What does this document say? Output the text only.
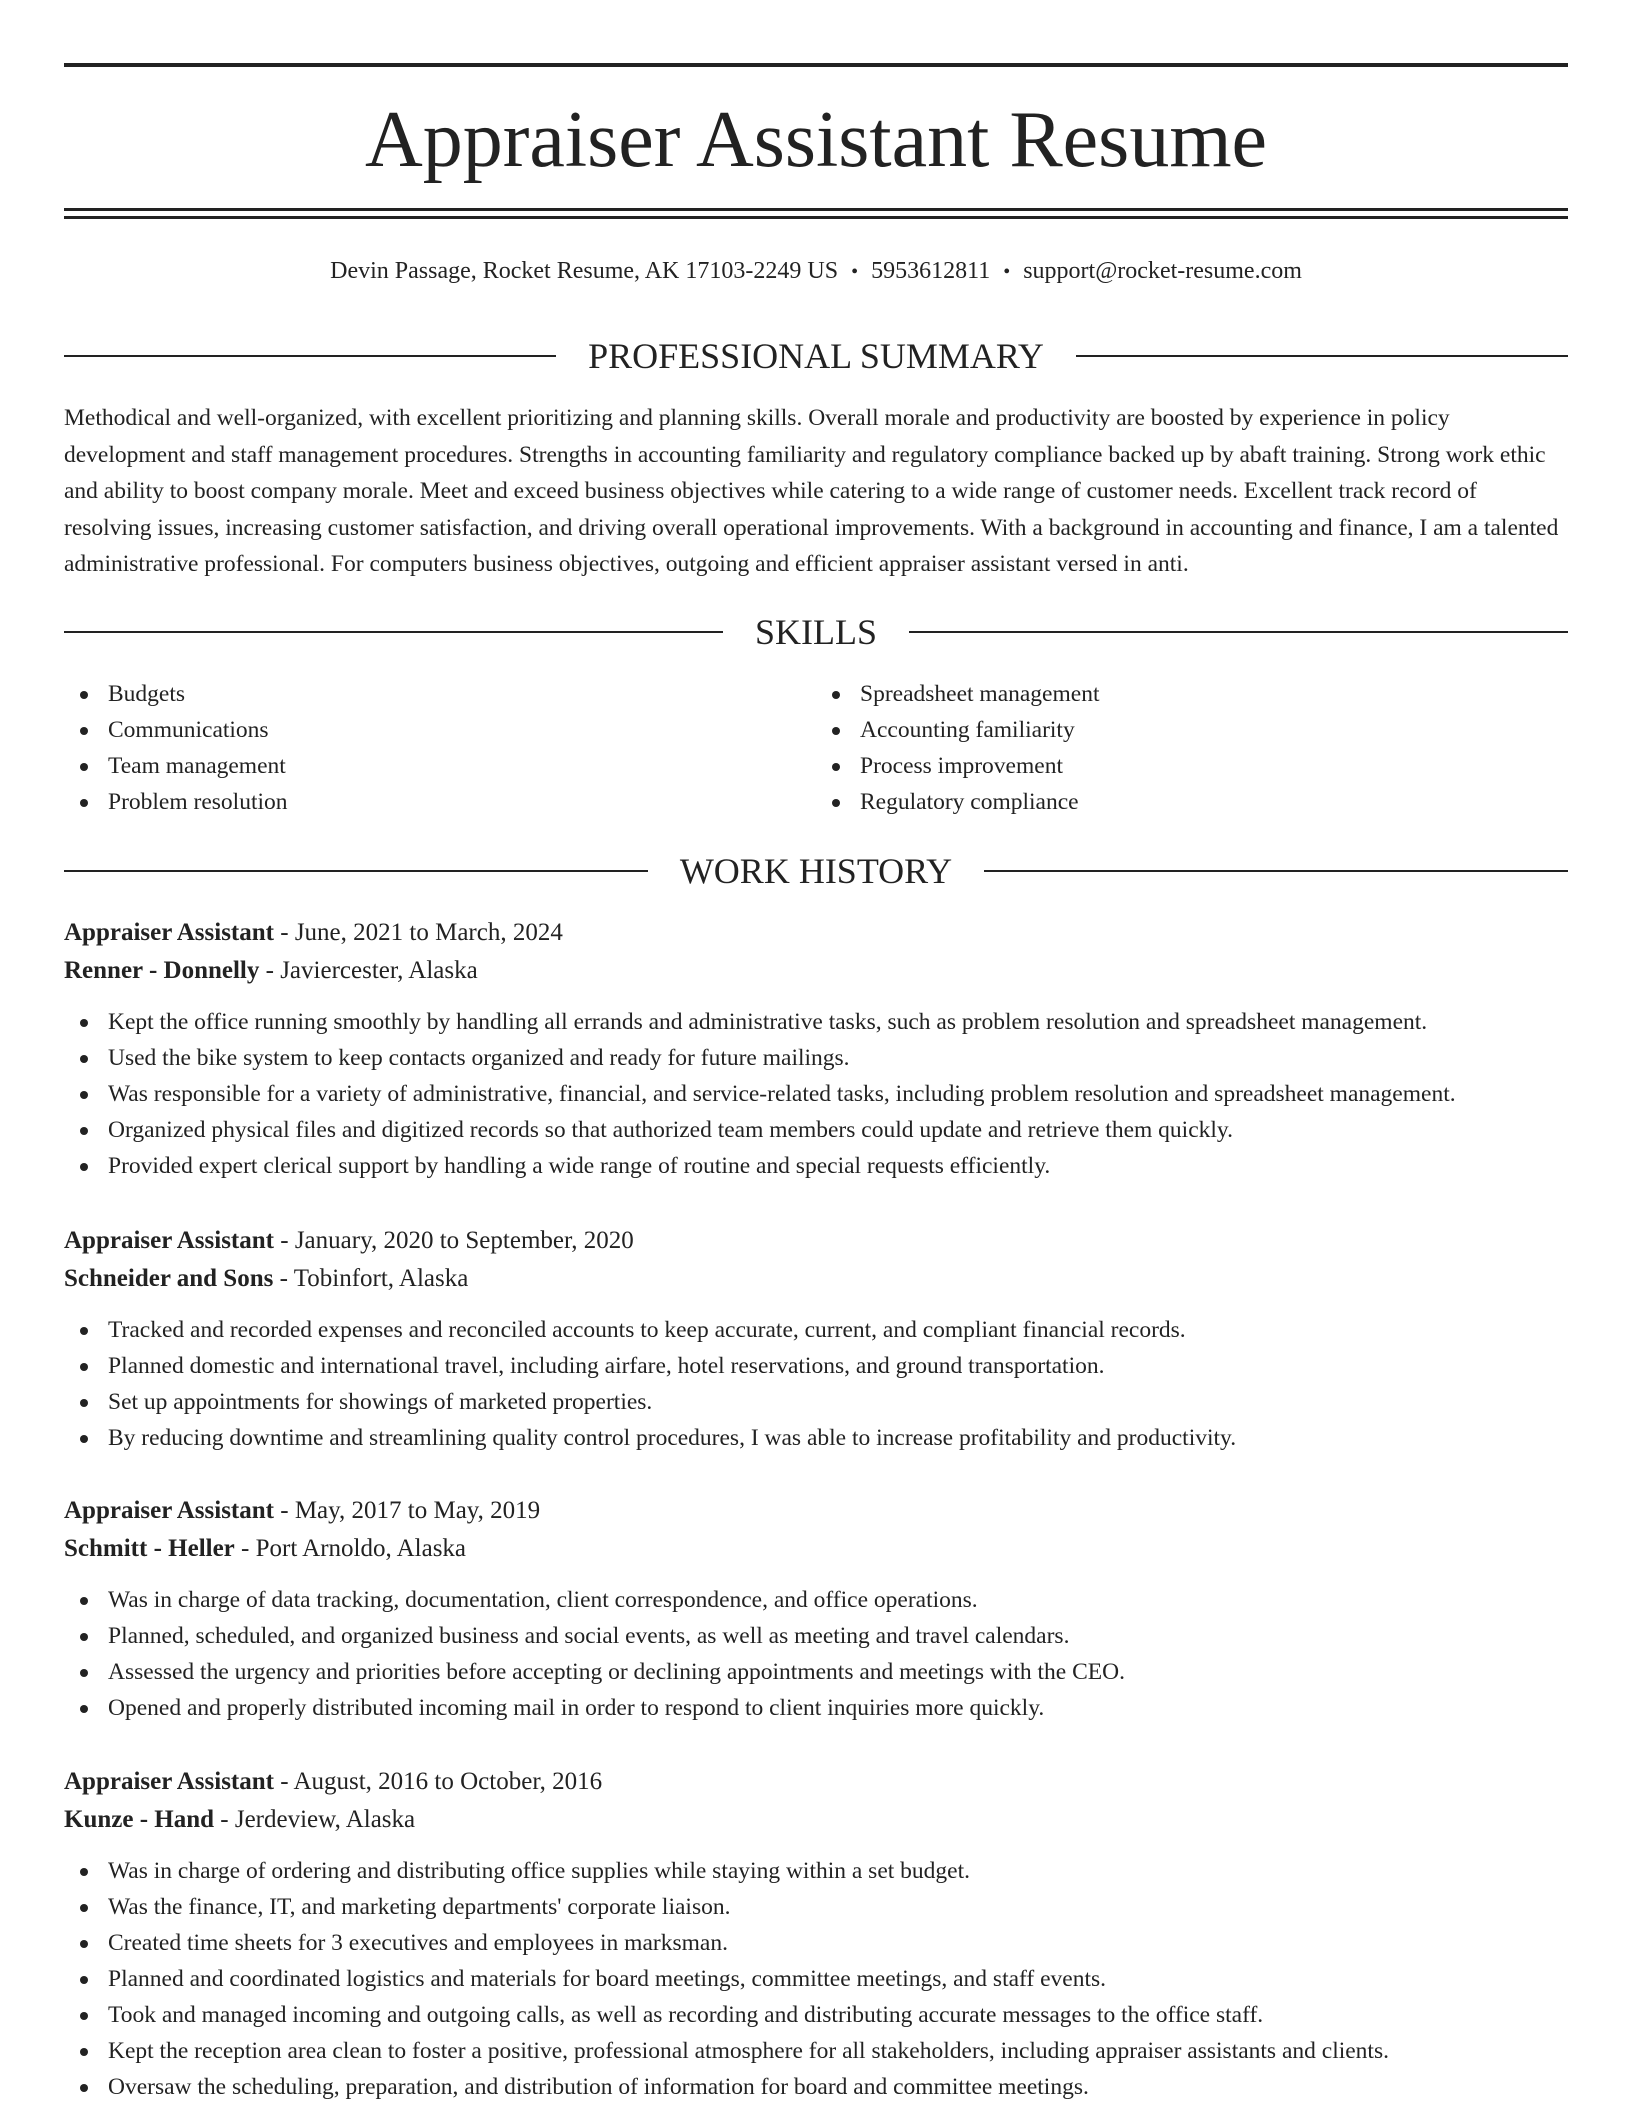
Appraiser Assistant Resume
Devin Passage, Rocket Resume, AK 17103-2249 US • 5953612811 • support@rocket-resume.com
PROFESSIONAL SUMMARY

Methodical and well-organized, with excellent prioritizing and planning skills. Overall morale and productivity are boosted by experience in policy development and staff management procedures. Strengths in accounting familiarity and regulatory compliance backed up by abaft training. Strong work ethic and ability to boost company morale. Meet and exceed business objectives while catering to a wide range of customer needs. Excellent track record of resolving issues, increasing customer satisfaction, and driving overall operational improvements. With a background in accounting and finance, I am a talented administrative professional. For computers business objectives, outgoing and efficient appraiser assistant versed in anti.

SKILLS
Budgets
Communications
Team management
Problem resolution
Spreadsheet management
Accounting familiarity
Process improvement
Regulatory compliance
WORK HISTORY
Appraiser Assistant - June, 2021 to March, 2024
Renner - Donnelly - Javiercester, Alaska
Kept the office running smoothly by handling all errands and administrative tasks, such as problem resolution and spreadsheet management.
Used the bike system to keep contacts organized and ready for future mailings.
Was responsible for a variety of administrative, financial, and service-related tasks, including problem resolution and spreadsheet management.
Organized physical files and digitized records so that authorized team members could update and retrieve them quickly.
Provided expert clerical support by handling a wide range of routine and special requests efficiently.
Appraiser Assistant - January, 2020 to September, 2020
Schneider and Sons - Tobinfort, Alaska
Tracked and recorded expenses and reconciled accounts to keep accurate, current, and compliant financial records.
Planned domestic and international travel, including airfare, hotel reservations, and ground transportation.
Set up appointments for showings of marketed properties.
By reducing downtime and streamlining quality control procedures, I was able to increase profitability and productivity.
Appraiser Assistant - May, 2017 to May, 2019
Schmitt - Heller - Port Arnoldo, Alaska
Was in charge of data tracking, documentation, client correspondence, and office operations.
Planned, scheduled, and organized business and social events, as well as meeting and travel calendars.
Assessed the urgency and priorities before accepting or declining appointments and meetings with the CEO.
Opened and properly distributed incoming mail in order to respond to client inquiries more quickly.
Appraiser Assistant - August, 2016 to October, 2016
Kunze - Hand - Jerdeview, Alaska
Was in charge of ordering and distributing office supplies while staying within a set budget.
Was the finance, IT, and marketing departments' corporate liaison.
Created time sheets for 3 executives and employees in marksman.
Planned and coordinated logistics and materials for board meetings, committee meetings, and staff events.
Took and managed incoming and outgoing calls, as well as recording and distributing accurate messages to the office staff.
Kept the reception area clean to foster a positive, professional atmosphere for all stakeholders, including appraiser assistants and clients.
Oversaw the scheduling, preparation, and distribution of information for board and committee meetings.
